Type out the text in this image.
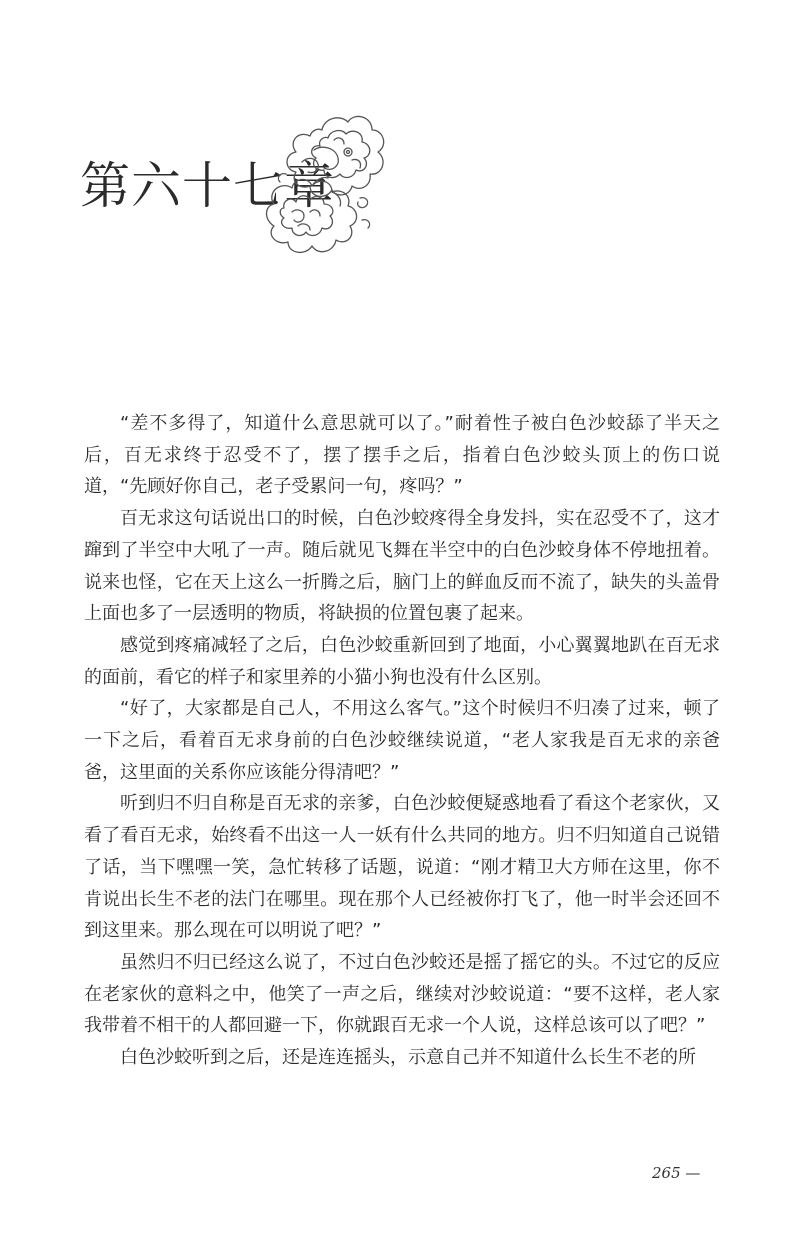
第六十七章

“差不多得了，知道什么意思就可以了。”耐着性子被白色沙蛟舔了半天之后，百无求终于忍受不了，摆了摆手之后，指着白色沙蛟头顶上的伤口说道，“先顾好你自己，老子受累问一句，疼吗？”

百无求这句话说出口的时候，白色沙蛟疼得全身发抖，实在忍受不了，这才蹿到了半空中大吼了一声。随后就见飞舞在半空中的白色沙蛟身体不停地扭着。说来也怪，它在天上这么一折腾之后，脑门上的鲜血反而不流了，缺失的头盖骨上面也多了一层透明的物质，将缺损的位置包裹了起来。

感觉到疼痛减轻了之后，白色沙蛟重新回到了地面，小心翼翼地趴在百无求的面前，看它的样子和家里养的小猫小狗也没有什么区别。

“好了，大家都是自己人，不用这么客气。”这个时候归不归凑了过来，顿了一下之后，看着百无求身前的白色沙蛟继续说道，“老人家我是百无求的亲爸爸，这里面的关系你应该能分得清吧？”

听到归不归自称是百无求的亲爹，白色沙蛟便疑惑地看了看这个老家伙，又看了看百无求，始终看不出这一人一妖有什么共同的地方。归不归知道自己说错了话，当下嘿嘿一笑，急忙转移了话题，说道：“刚才精卫大方师在这里，你不肯说出长生不老的法门在哪里。现在那个人已经被你打飞了，他一时半会还回不到这里来。那么现在可以明说了吧？”

虽然归不归已经这么说了，不过白色沙蛟还是摇了摇它的头。不过它的反应在老家伙的意料之中，他笑了一声之后，继续对沙蛟说道：“要不这样，老人家我带着不相干的人都回避一下，你就跟百无求一个人说，这样总该可以了吧？”

白色沙蛟听到之后，还是连连摇头，示意自己并不知道什么长生不老的所

265 —
